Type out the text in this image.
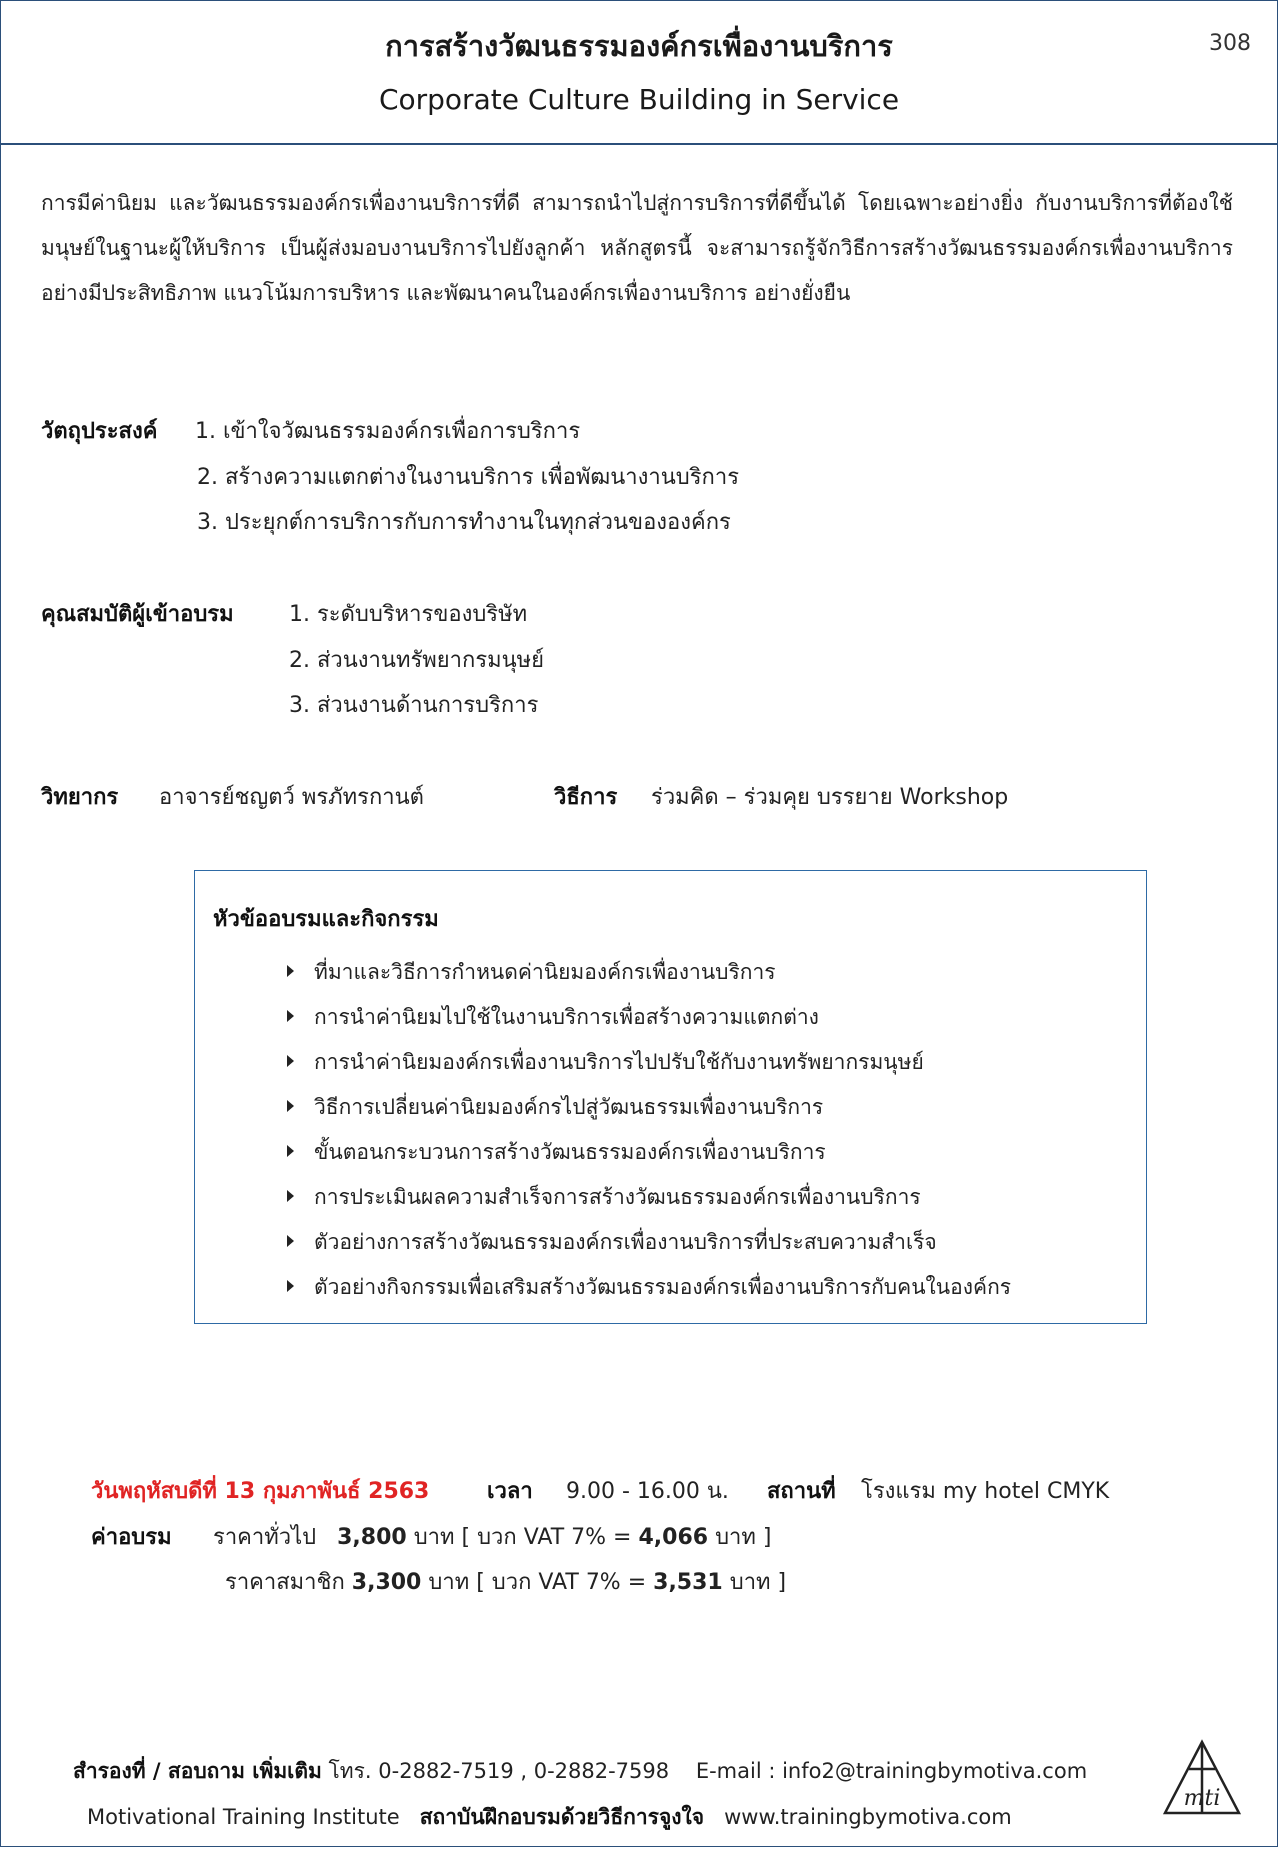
การสร้างวัฒนธรรมองค์กรเพื่องานบริการ
Corporate Culture Building in Service
308
การมีค่านิยม และวัฒนธรรมองค์กรเพื่องานบริการที่ดี สามารถนำไปสู่การบริการที่ดีขึ้นได้ โดยเฉพาะอย่างยิ่ง กับงานบริการที่ต้องใช้มนุษย์ในฐานะผู้ให้บริการ เป็นผู้ส่งมอบงานบริการไปยังลูกค้า หลักสูตรนี้ จะสามารถรู้จักวิธีการสร้างวัฒนธรรมองค์กรเพื่องานบริการอย่างมีประสิทธิภาพ แนวโน้มการบริหาร และพัฒนาคนในองค์กรเพื่องานบริการ อย่างยั่งยืน
วัตถุประสงค์ 1. เข้าใจวัฒนธรรมองค์กรเพื่อการบริการ
2. สร้างความแตกต่างในงานบริการ เพื่อพัฒนางานบริการ
3. ประยุกต์การบริการกับการทำงานในทุกส่วนขององค์กร
คุณสมบัติผู้เข้าอบรม	1. ระดับบริหารของบริษัท
2. ส่วนงานทรัพยากรมนุษย์
3. ส่วนงานด้านการบริการ
วิทยากร อาจารย์ชญตว์ พรภัทรกานต์	วิธีการ ร่วมคิด – ร่วมคุย บรรยาย Workshop
หัวข้ออบรมและกิจกรรม
ที่มาและวิธีการกำหนดค่านิยมองค์กรเพื่องานบริการ
การนำค่านิยมไปใช้ในงานบริการเพื่อสร้างความแตกต่าง
การนำค่านิยมองค์กรเพื่องานบริการไปปรับใช้กับงานทรัพยากรมนุษย์
วิธีการเปลี่ยนค่านิยมองค์กรไปสู่วัฒนธรรมเพื่องานบริการ
ขั้นตอนกระบวนการสร้างวัฒนธรรมองค์กรเพื่องานบริการ
การประเมินผลความสำเร็จการสร้างวัฒนธรรมองค์กรเพื่องานบริการ
ตัวอย่างการสร้างวัฒนธรรมองค์กรเพื่องานบริการที่ประสบความสำเร็จ
ตัวอย่างกิจกรรมเพื่อเสริมสร้างวัฒนธรรมองค์กรเพื่องานบริการกับคนในองค์กร
วันพฤหัสบดีที่ 13 กุมภาพันธ์ 2563	เวลา 9.00 - 16.00 น. สถานที่ โรงแรม my hotel CMYK
ค่าอบรม ราคาทั่วไป 3,800 บาท [ บวก VAT 7% = 4,066 บาท ]
ราคาสมาชิก 3,300 บาท [ บวก VAT 7% = 3,531 บาท ]
สำรองที่ / สอบถาม เพิ่มเติม โทร. 0-2882-7519 , 0-2882-7598 E-mail : info2@trainingbymotiva.com
Motivational Training Institute สถาบันฝึกอบรมด้วยวิธีการจูงใจ www.trainingbymotiva.com
mti
